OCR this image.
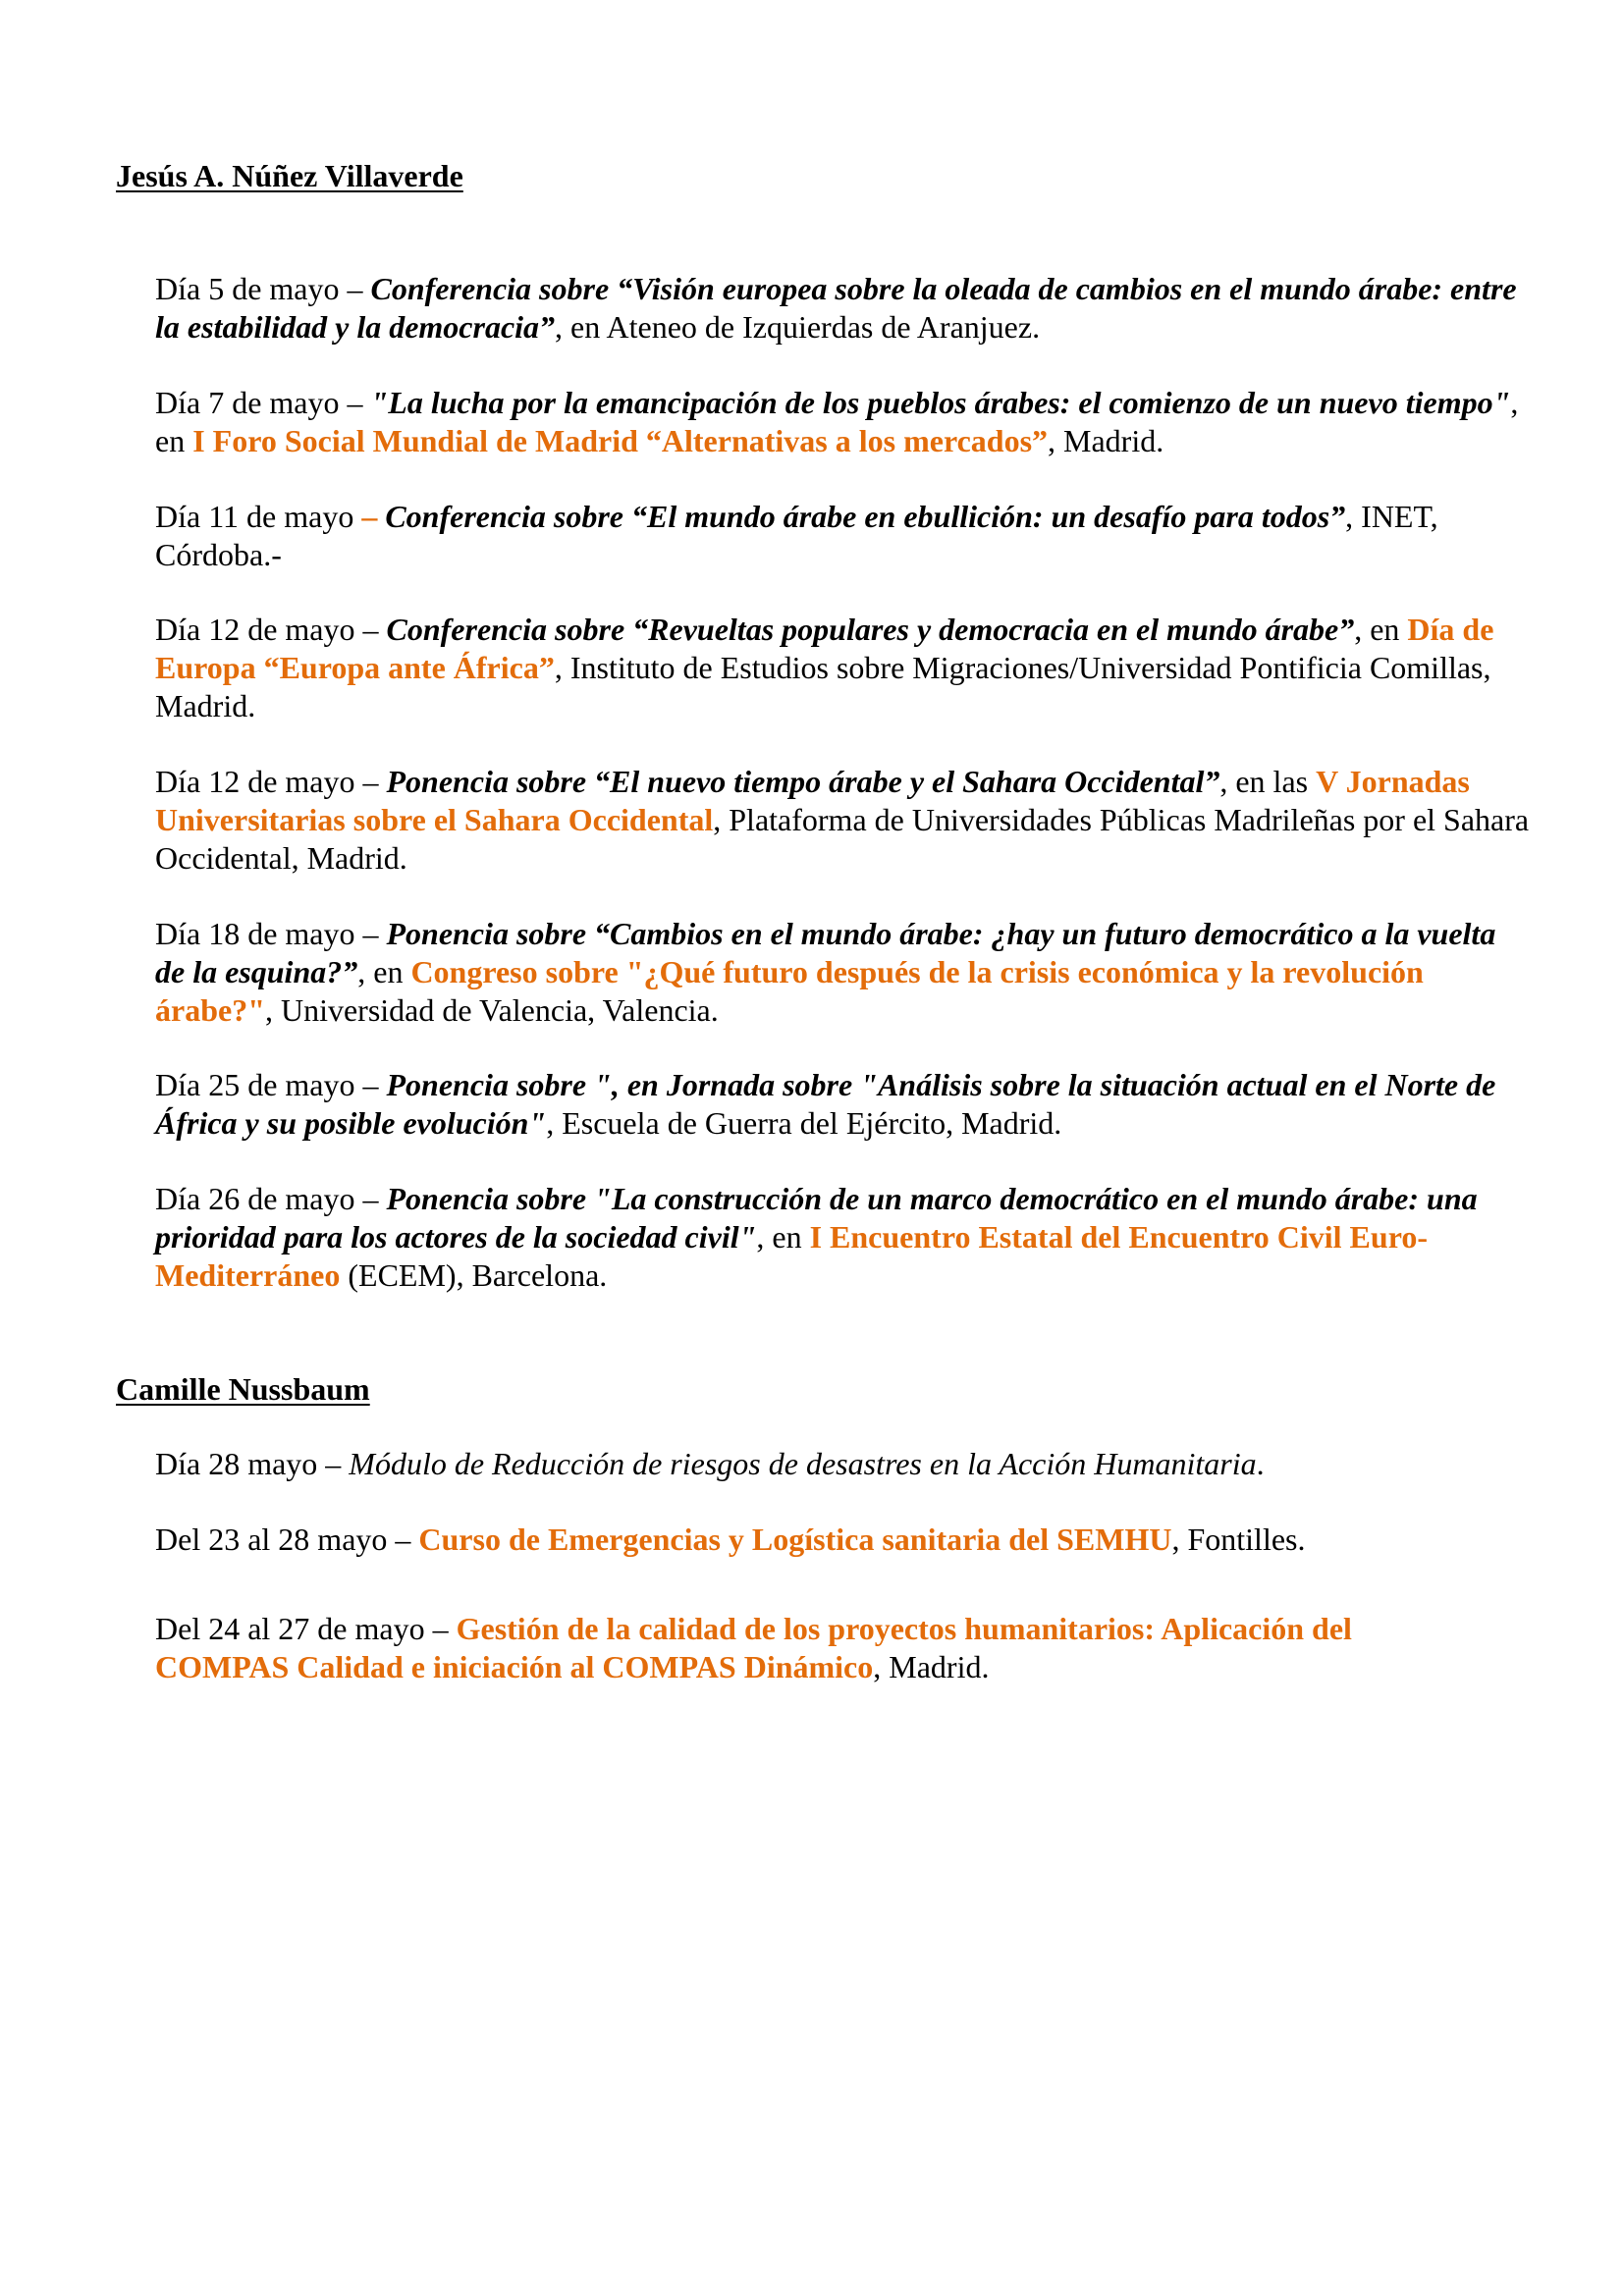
Jesús A. Núñez Villaverde

Día 5 de mayo – Conferencia sobre “Visión europea sobre la oleada de cambios en el mundo árabe: entre la estabilidad y la democracia”, en Ateneo de Izquierdas de Aranjuez.

Día 7 de mayo – "La lucha por la emancipación de los pueblos árabes: el comienzo de un nuevo tiempo", en I Foro Social Mundial de Madrid “Alternativas a los mercados”, Madrid.

Día 11 de mayo – Conferencia sobre “El mundo árabe en ebullición: un desafío para todos”, INET, Córdoba.-

Día 12 de mayo – Conferencia sobre “Revueltas populares y democracia en el mundo árabe”, en Día de Europa “Europa ante África”, Instituto de Estudios sobre Migraciones/Universidad Pontificia Comillas, Madrid.

Día 12 de mayo – Ponencia sobre “El nuevo tiempo árabe y el Sahara Occidental”, en las V Jornadas Universitarias sobre el Sahara Occidental, Plataforma de Universidades Públicas Madrileñas por el Sahara Occidental, Madrid.

Día 18 de mayo – Ponencia sobre “Cambios en el mundo árabe: ¿hay un futuro democrático a la vuelta de la esquina?”, en Congreso sobre "¿Qué futuro después de la crisis económica y la revolución árabe?", Universidad de Valencia, Valencia.

Día 25 de mayo – Ponencia sobre ", en Jornada sobre "Análisis sobre la situación actual en el Norte de África y su posible evolución", Escuela de Guerra del Ejército, Madrid.

Día 26 de mayo – Ponencia sobre "La construcción de un marco democrático en el mundo árabe: una prioridad para los actores de la sociedad civil", en I Encuentro Estatal del Encuentro Civil Euro-Mediterráneo (ECEM), Barcelona.

Camille Nussbaum

Día 28 mayo – Módulo de Reducción de riesgos de desastres en la Acción Humanitaria.

Del 23 al 28 mayo – Curso de Emergencias y Logística sanitaria del SEMHU, Fontilles.

Del 24 al 27 de mayo – Gestión de la calidad de los proyectos humanitarios: Aplicación del COMPAS Calidad e iniciación al COMPAS Dinámico, Madrid.
